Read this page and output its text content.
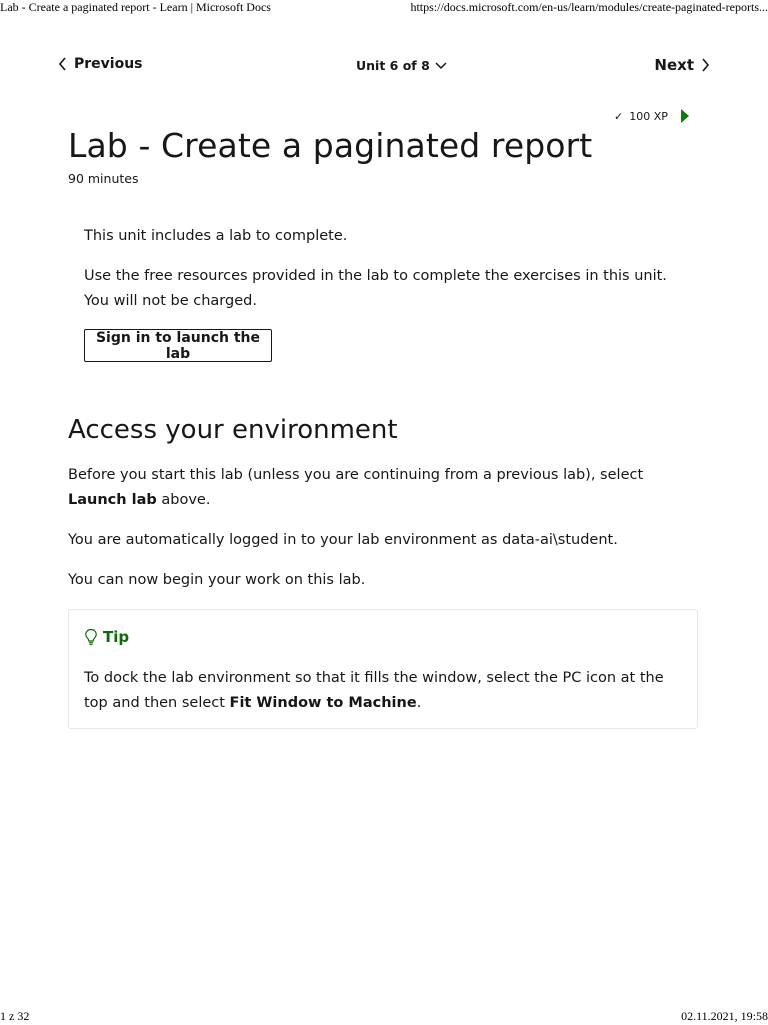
Lab - Create a paginated report - Learn | Microsoft Docs	https://docs.microsoft.com/en-us/learn/modules/create-paginated-reports...
Previous	Unit 6 of 8	Next
✓ 100 XP
Lab - Create a paginated report
90 minutes

This unit includes a lab to complete.

Use the free resources provided in the lab to complete the exercises in this unit. You will not be charged.

Sign in to launch the lab
Access your environment

Before you start this lab (unless you are continuing from a previous lab), select Launch lab above.

You are automatically logged in to your lab environment as data-ai\student.

You can now begin your work on this lab.

Tip
To dock the lab environment so that it fills the window, select the PC icon at the top and then select Fit Window to Machine.
1 z 32	02.11.2021, 19:58
